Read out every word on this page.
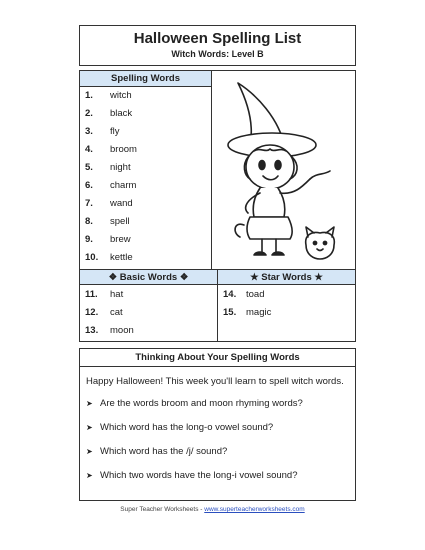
Halloween Spelling List
Witch Words: Level B
Spelling Words
1. witch
2. black
3. fly
4. broom
5. night
6. charm
7. wand
8. spell
9. brew
10. kettle
❖ Basic Words ❖	★ Star Words ★
11. hat
12. cat
13. moon
14. toad
15. magic
Thinking About Your Spelling Words
Happy Halloween! This week you'll learn to spell witch words.
➤ Are the words broom and moon rhyming words?
➤ Which word has the long-o vowel sound?
➤ Which word has the /j/ sound?
➤ Which two words have the long-i vowel sound?
Super Teacher Worksheets - www.superteacherworksheets.com
